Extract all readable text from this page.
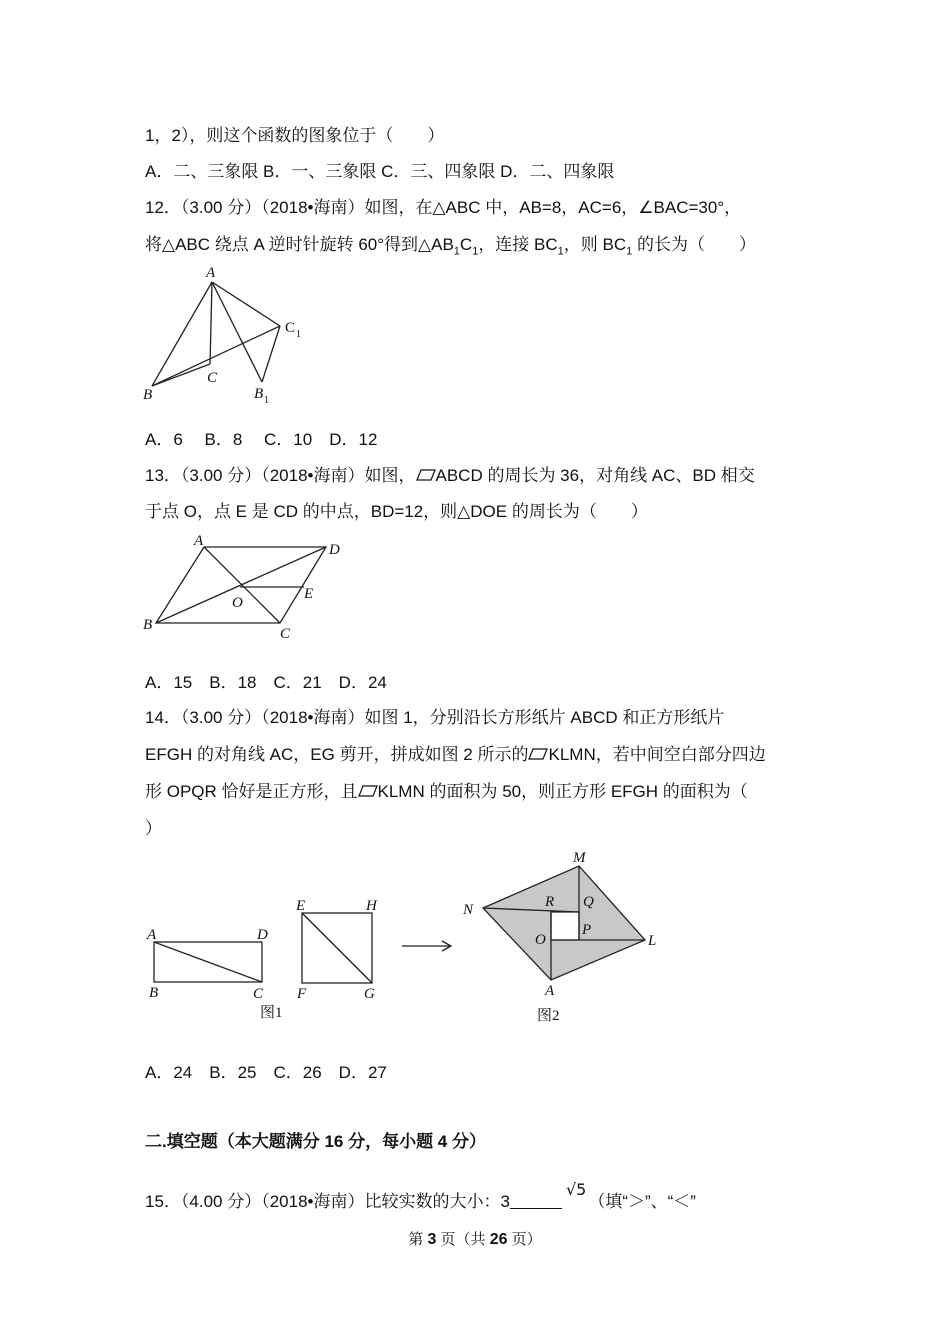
1，2），则这个函数的图象位于（　　）
A．二、三象限 B．一、三象限 C．三、四象限 D．二、四象限
12．（3.00 分）（2018•海南）如图，在△ABC 中，AB=8，AC=6，∠BAC=30°，
将△ABC 绕点 A 逆时针旋转 60°得到$\triangle AB_1C_1$，连接 $BC_1$，则 $BC_1$ 的长为（　　）
A
B
C
B 1
C 1
A．6　 B．8　 C．10　D．12
13．（3.00 分）（2018•海南）如图， ABCD 的周长为 36，对角线 AC、BD 相交
于点 O，点 E 是 CD 的中点，BD=12，则△DOE 的周长为（　　）
A
D
B
C
O
E
A．15　B．18　C．21　D．24
14．（3.00 分）（2018•海南）如图 1，分别沿长方形纸片 ABCD 和正方形纸片
EFGH 的对角线 AC，EG 剪开，拼成如图 2 所示的 KLMN，若中间空白部分四边
形 OPQR 恰好是正方形，且 KLMN 的面积为 50，则正方形 EFGH 的面积为（
）
A	D
B	C
E	H
F	G
图1
M
N
L
A
R Q
O
P
图2
A．24　B．25　C．26　D．27
二.填空题（本大题满分 16 分，每小题 4 分）
15．（4.00 分）（2018•海南）比较实数的大小：3√5（填“＞”、“＜”
第 3 页（共 26 页）
